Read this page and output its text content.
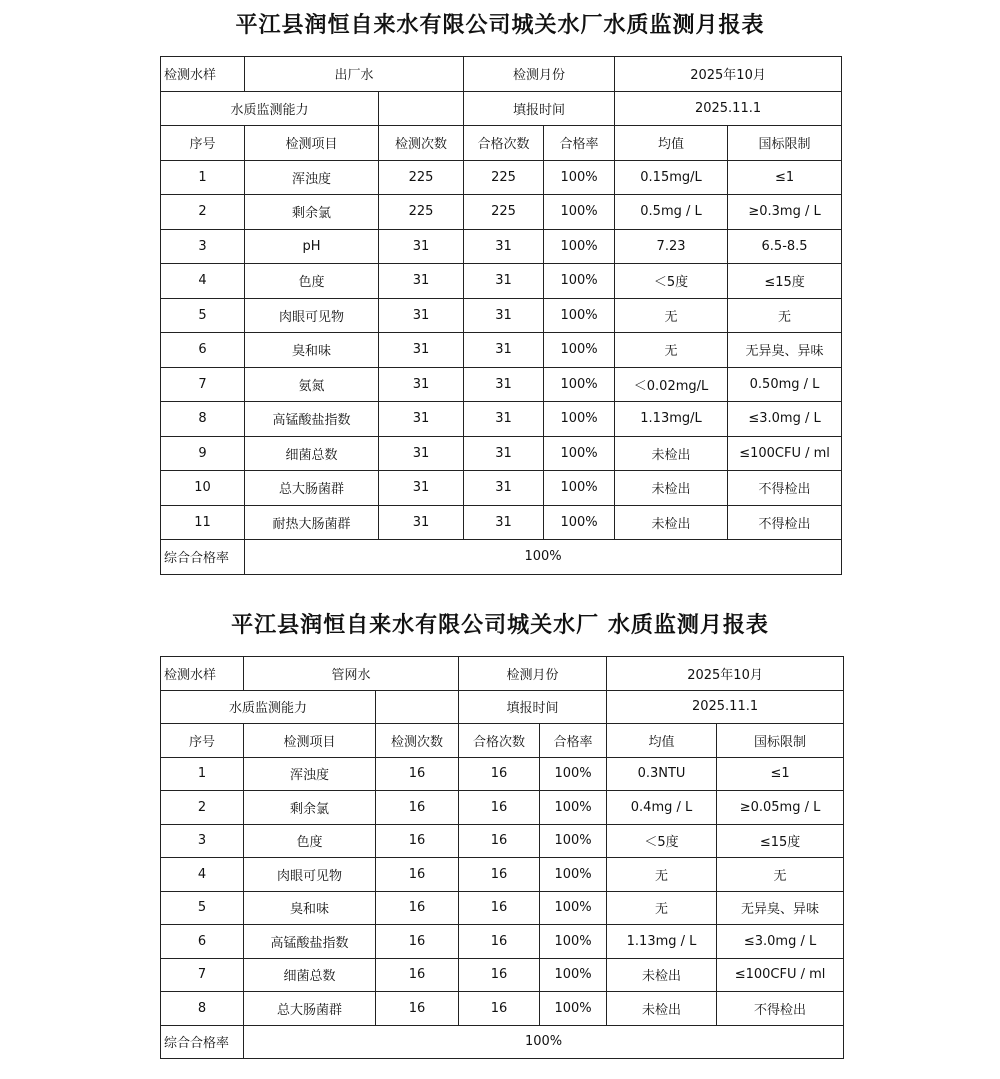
平江县润恒自来水有限公司城关水厂水质监测月报表
检测水样	出厂水		检测月份		2025年10月	
水质监测能力			填报时间		2025.11.1	
序号	检测项目	检测次数	合格次数	合格率	均值	国标限制
1	浑浊度	225	225	100%	0.15mg/L	≤1
2	剩余氯	225	225	100%	0.5mg / L	≥0.3mg / L
3	pH	31	31	100%	7.23	6.5-8.5
4	色度	31	31	100%	＜5度	≤15度
5	肉眼可见物	31	31	100%	无	无
6	臭和味	31	31	100%	无	无异臭、异味
7	氨氮	31	31	100%	＜0.02mg/L	0.50mg / L
8	高锰酸盐指数	31	31	100%	1.13mg/L	≤3.0mg / L
9	细菌总数	31	31	100%	未检出	≤100CFU / ml
10	总大肠菌群	31	31	100%	未检出	不得检出
11	耐热大肠菌群	31	31	100%	未检出	不得检出
综合合格率	100%					
平江县润恒自来水有限公司城关水厂 水质监测月报表
检测水样	管网水		检测月份		2025年10月	
水质监测能力			填报时间		2025.11.1	
序号	检测项目	检测次数	合格次数	合格率	均值	国标限制
1	浑浊度	16	16	100%	0.3NTU	≤1
2	剩余氯	16	16	100%	0.4mg / L	≥0.05mg / L
3	色度	16	16	100%	＜5度	≤15度
4	肉眼可见物	16	16	100%	无	无
5	臭和味	16	16	100%	无	无异臭、异味
6	高锰酸盐指数	16	16	100%	1.13mg / L	≤3.0mg / L
7	细菌总数	16	16	100%	未检出	≤100CFU / ml
8	总大肠菌群	16	16	100%	未检出	不得检出
综合合格率	100%					
